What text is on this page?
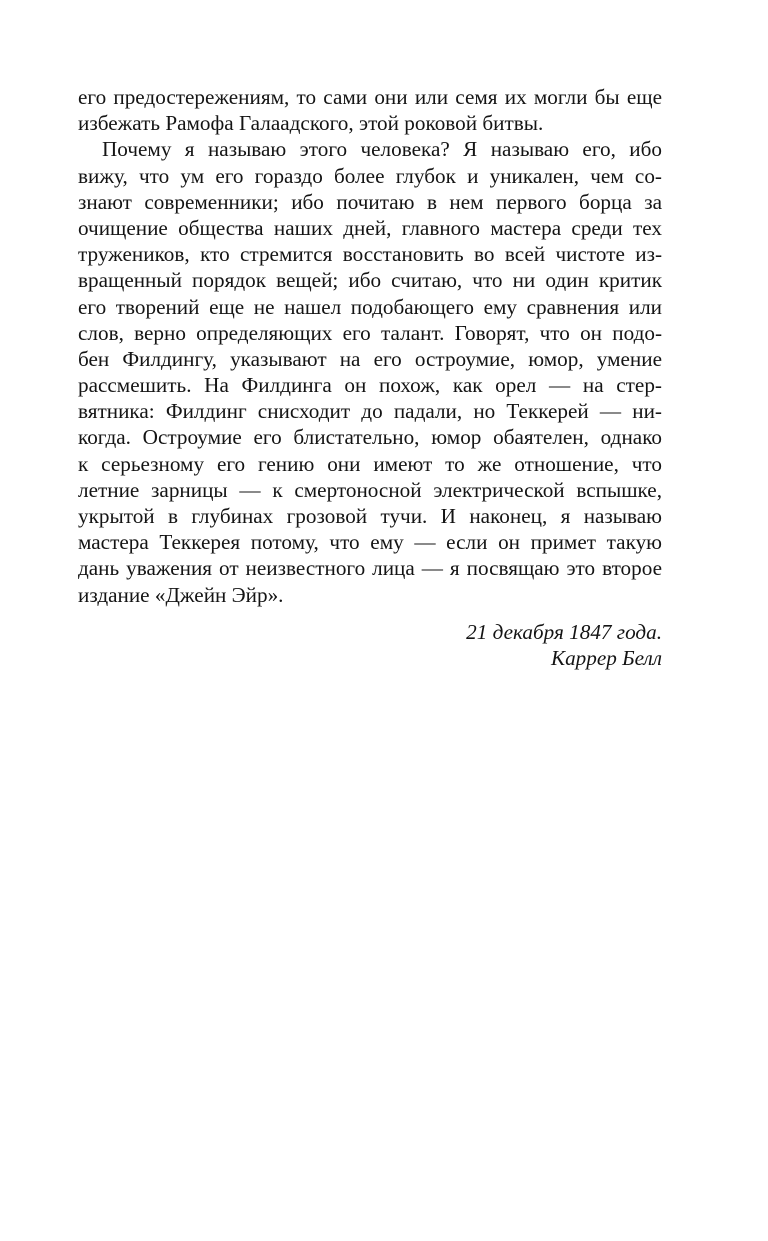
его предостережениям, то сами они или семя их могли бы еще
избежать Рамофа Галаадского, этой роковой битвы.
Почему я называю этого человека? Я называю его, ибо
вижу, что ум его гораздо более глубок и уникален, чем со-
знают современники; ибо почитаю в нем первого борца за
очищение общества наших дней, главного мастера среди тех
тружеников, кто стремится восстановить во всей чистоте из-
вращенный порядок вещей; ибо считаю, что ни один критик
его творений еще не нашел подобающего ему сравнения или
слов, верно определяющих его талант. Говорят, что он подо-
бен Филдингу, указывают на его остроумие, юмор, умение
рассмешить. На Филдинга он похож, как орел — на стер-
вятника: Филдинг снисходит до падали, но Теккерей — ни-
когда. Остроумие его блистательно, юмор обаятелен, однако
к серьезному его гению они имеют то же отношение, что
летние зарницы — к смертоносной электрической вспышке,
укрытой в глубинах грозовой тучи. И наконец, я называю
мастера Теккерея потому, что ему — если он примет такую
дань уважения от неизвестного лица — я посвящаю это второе
издание «Джейн Эйр».
21 декабря 1847 года.
Каррер Белл
